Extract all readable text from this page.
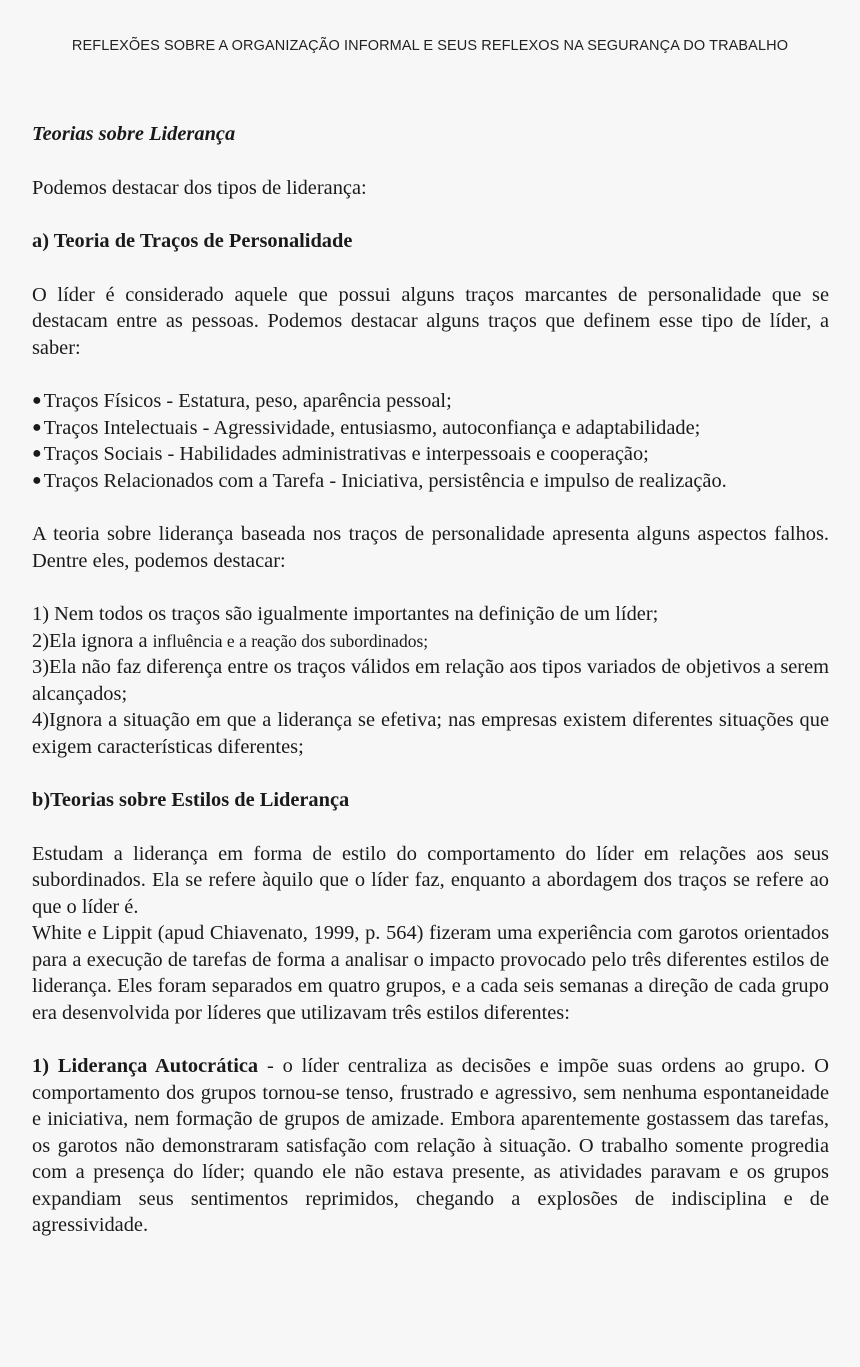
REFLEXÕES SOBRE A ORGANIZAÇÃO INFORMAL E SEUS REFLEXOS NA SEGURANÇA DO TRABALHO

Teorias sobre Liderança

Podemos destacar dos tipos de liderança:

a) Teoria de Traços de Personalidade

O líder é considerado aquele que possui alguns traços marcantes de personalidade que se destacam entre as pessoas. Podemos destacar alguns traços que definem esse tipo de líder, a saber:

●Traços Físicos - Estatura, peso, aparência pessoal;
●Traços Intelectuais - Agressividade, entusiasmo, autoconfiança e adaptabilidade;
●Traços Sociais - Habilidades administrativas e interpessoais e cooperação;
●Traços Relacionados com a Tarefa - Iniciativa, persistência e impulso de realização.

A teoria sobre liderança baseada nos traços de personalidade apresenta alguns aspectos falhos. Dentre eles, podemos destacar:

1) Nem todos os traços são igualmente importantes na definição de um líder;

2)Ela ignora a influência e a reação dos subordinados;

3)Ela não faz diferença entre os traços válidos em relação aos tipos variados de objetivos a serem alcançados;

4)Ignora a situação em que a liderança se efetiva; nas empresas existem diferentes situações que exigem características diferentes;

b)Teorias sobre Estilos de Liderança

Estudam a liderança em forma de estilo do comportamento do líder em relações aos seus subordinados. Ela se refere àquilo que o líder faz, enquanto a abordagem dos traços se refere ao que o líder é.

White e Lippit (apud Chiavenato, 1999, p. 564) fizeram uma experiência com garotos orientados para a execução de tarefas de forma a analisar o impacto provocado pelo três diferentes estilos de liderança. Eles foram separados em quatro grupos, e a cada seis semanas a direção de cada grupo era desenvolvida por líderes que utilizavam três estilos diferentes:

1) Liderança Autocrática - o líder centraliza as decisões e impõe suas ordens ao grupo. O comportamento dos grupos tornou-se tenso, frustrado e agressivo, sem nenhuma espontaneidade e iniciativa, nem formação de grupos de amizade. Embora aparentemente gostassem das tarefas, os garotos não demonstraram satisfação com relação à situação. O trabalho somente progredia com a presença do líder; quando ele não estava presente, as atividades paravam e os grupos expandiam seus sentimentos reprimidos, chegando a explosões de indisciplina e de agressividade.
